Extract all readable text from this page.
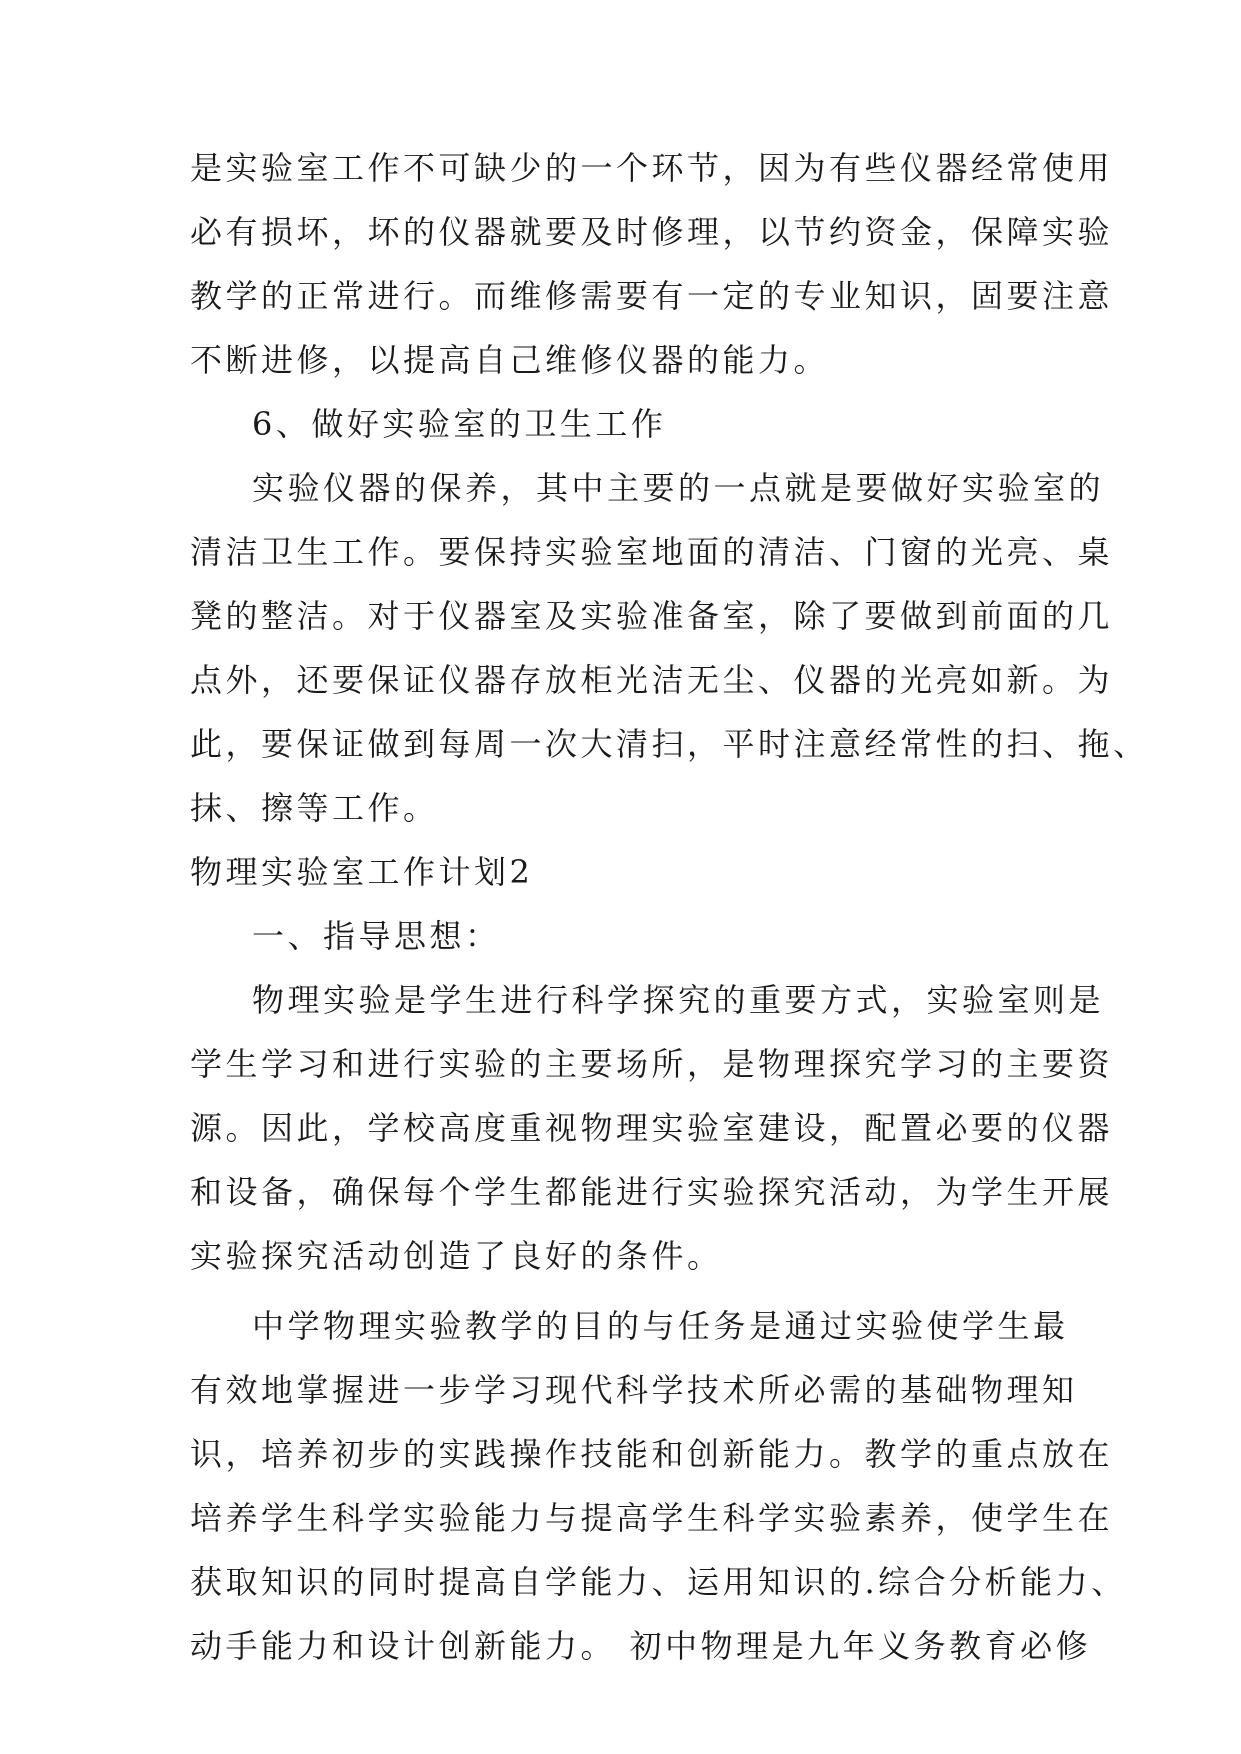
是实验室工作不可缺少的一个环节，因为有些仪器经常使用
必有损坏，坏的仪器就要及时修理，以节约资金，保障实验
教学的正常进行。而维修需要有一定的专业知识，固要注意
不断进修，以提高自己维修仪器的能力。
6、做好实验室的卫生工作
实验仪器的保养，其中主要的一点就是要做好实验室的
清洁卫生工作。要保持实验室地面的清洁、门窗的光亮、桌
凳的整洁。对于仪器室及实验准备室，除了要做到前面的几
点外，还要保证仪器存放柜光洁无尘、仪器的光亮如新。为
此，要保证做到每周一次大清扫，平时注意经常性的扫、拖、
抹、擦等工作。
物理实验室工作计划2
一、指导思想：
物理实验是学生进行科学探究的重要方式，实验室则是
学生学习和进行实验的主要场所，是物理探究学习的主要资
源。因此，学校高度重视物理实验室建设，配置必要的仪器
和设备，确保每个学生都能进行实验探究活动，为学生开展
实验探究活动创造了良好的条件。
中学物理实验教学的目的与任务是通过实验使学生最
有效地掌握进一步学习现代科学技术所必需的基础物理知
识，培养初步的实践操作技能和创新能力。教学的重点放在
培养学生科学实验能力与提高学生科学实验素养，使学生在
获取知识的同时提高自学能力、运用知识的.综合分析能力、
动手能力和设计创新能力。 初中物理是九年义务教育必修
